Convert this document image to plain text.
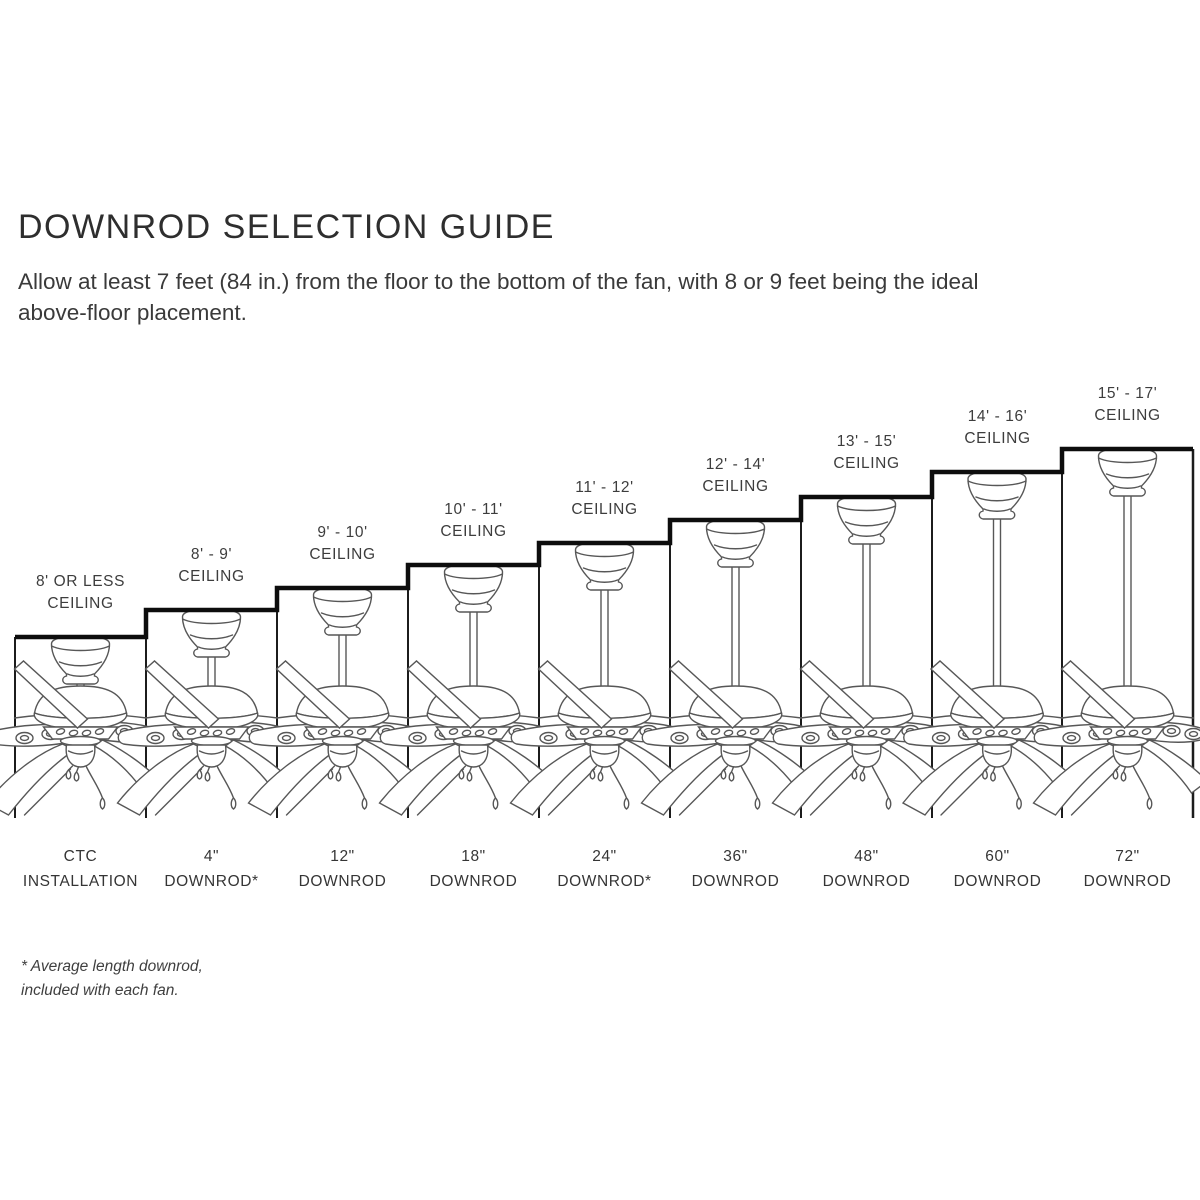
DOWNROD SELECTION GUIDE
Allow at least 7 feet (84 in.) from the floor to the bottom of the fan, with 8 or 9 feet being the ideal
above-floor placement.
8' OR LESS
CEILING
8' - 9'
CEILING
9' - 10'
CEILING
10' - 11'
CEILING
11' - 12'
CEILING
12' - 14'
CEILING
13' - 15'
CEILING
14' - 16'
CEILING
15' - 17'
CEILING
CTC
INSTALLATION
4"
DOWNROD*
12"
DOWNROD
18"
DOWNROD
24"
DOWNROD*
36"
DOWNROD
48"
DOWNROD
60"
DOWNROD
72"
DOWNROD
* Average length downrod,
included with each fan.
